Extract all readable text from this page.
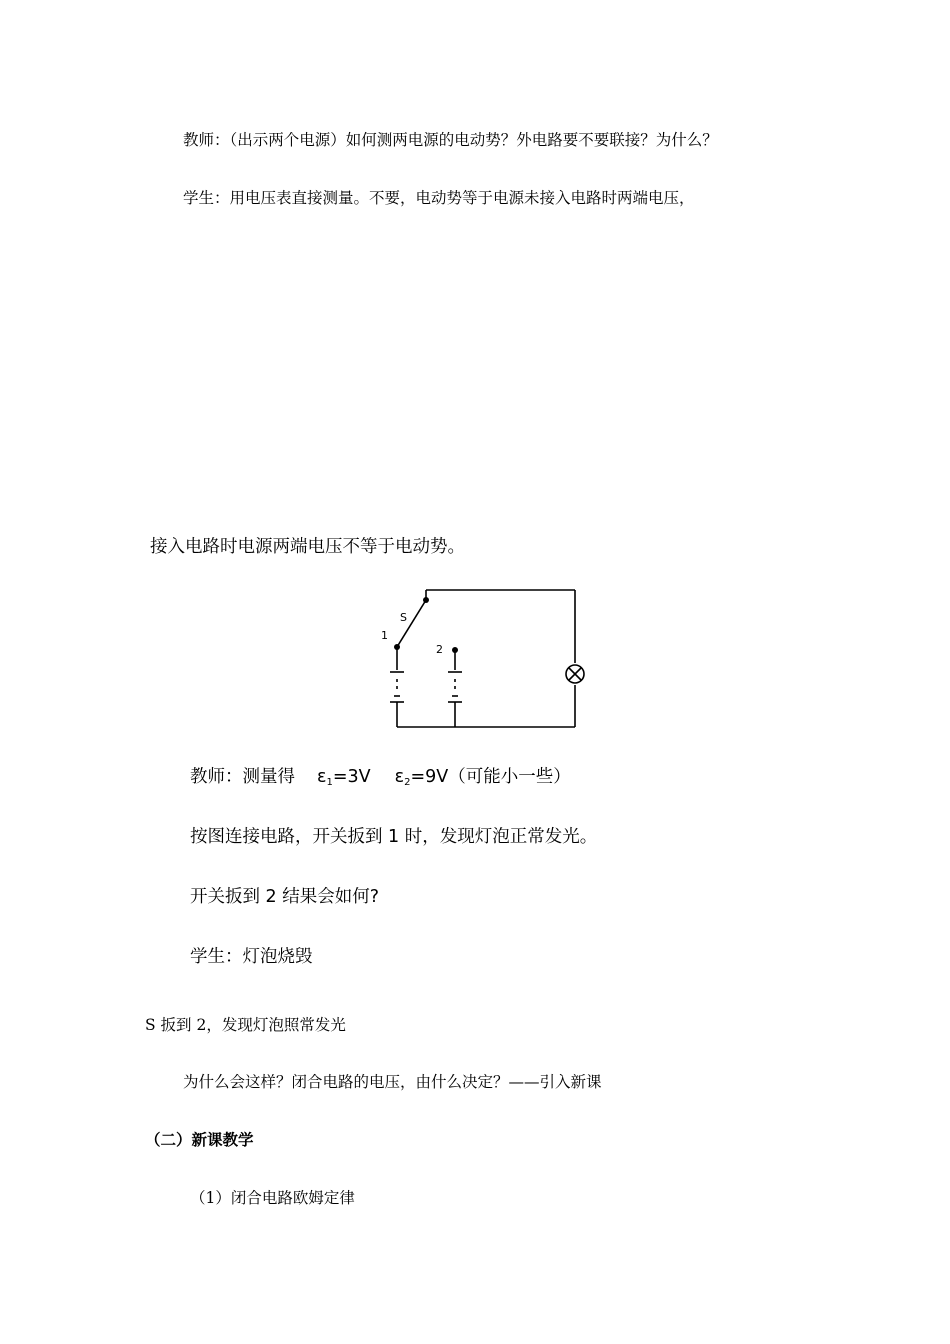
教师：（出示两个电源）如何测两电源的电动势？外电路要不要联接？为什么？
学生：用电压表直接测量。不要，电动势等于电源未接入电路时两端电压，
接入电路时电源两端电压不等于电动势。
S
1
2
教师：测量得 $\varepsilon_1=3V$ $\varepsilon_2=9V$（可能小一些）
按图连接电路，开关扳到 1 时，发现灯泡正常发光。
开关扳到 2 结果会如何?
学生：灯泡烧毁
S 扳到 2，发现灯泡照常发光
为什么会这样？闭合电路的电压，由什么决定？——引入新课
（二）新课教学
（1）闭合电路欧姆定律
